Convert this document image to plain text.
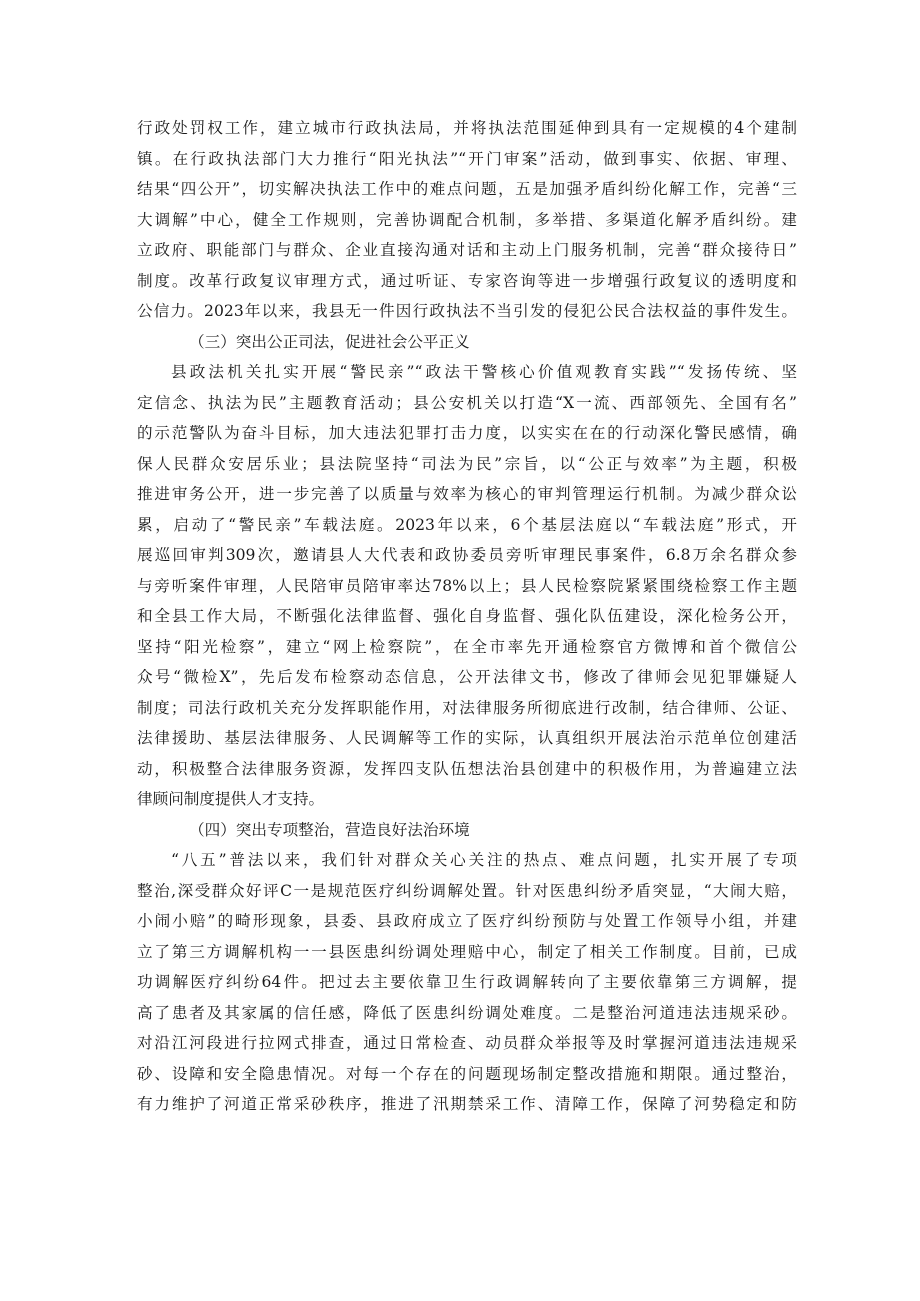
行政处罚权工作，建立城市行政执法局，并将执法范围延伸到具有一定规模的4个建制
镇。在行政执法部门大力推行“阳光执法”“开门审案”活动，做到事实、依据、审理、
结果“四公开”，切实解决执法工作中的难点问题，五是加强矛盾纠纷化解工作，完善“三
大调解”中心，健全工作规则，完善协调配合机制，多举措、多渠道化解矛盾纠纷。建
立政府、职能部门与群众、企业直接沟通对话和主动上门服务机制，完善“群众接待日”
制度。改革行政复议审理方式，通过听证、专家咨询等进一步增强行政复议的透明度和
公信力。2023年以来，我县无一件因行政执法不当引发的侵犯公民合法权益的事件发生。
（三）突出公正司法，促进社会公平正义
县政法机关扎实开展“警民亲”“政法干警核心价值观教育实践”“发扬传统、坚
定信念、执法为民”主题教育活动；县公安机关以打造“X一流、西部领先、全国有名”
的示范警队为奋斗目标，加大违法犯罪打击力度，以实实在在的行动深化警民感情，确
保人民群众安居乐业；县法院坚持“司法为民”宗旨，以“公正与效率”为主题，积极
推进审务公开，进一步完善了以质量与效率为核心的审判管理运行机制。为减少群众讼
累，启动了“警民亲”车载法庭。2023年以来，6个基层法庭以“车载法庭”形式，开
展巡回审判309次，邀请县人大代表和政协委员旁听审理民事案件，6.8万余名群众参
与旁听案件审理，人民陪审员陪审率达78%以上；县人民检察院紧紧围绕检察工作主题
和全县工作大局，不断强化法律监督、强化自身监督、强化队伍建设，深化检务公开，
坚持“阳光检察”，建立“网上检察院”，在全市率先开通检察官方微博和首个微信公
众号“微检X”，先后发布检察动态信息，公开法律文书，修改了律师会见犯罪嫌疑人
制度；司法行政机关充分发挥职能作用，对法律服务所彻底进行改制，结合律师、公证、
法律援助、基层法律服务、人民调解等工作的实际，认真组织开展法治示范单位创建活
动，积极整合法律服务资源，发挥四支队伍想法治县创建中的积极作用，为普遍建立法
律顾问制度提供人才支持。
（四）突出专项整治，营造良好法治环境
“八五”普法以来，我们针对群众关心关注的热点、难点问题，扎实开展了专项
整治,深受群众好评C一是规范医疗纠纷调解处置。针对医患纠纷矛盾突显，“大闹大赔，
小闹小赔”的畸形现象，县委、县政府成立了医疗纠纷预防与处置工作领导小组，并建
立了第三方调解机构一一县医患纠纷调处理赔中心，制定了相关工作制度。目前，已成
功调解医疗纠纷64件。把过去主要依靠卫生行政调解转向了主要依靠第三方调解，提
高了患者及其家属的信任感，降低了医患纠纷调处难度。二是整治河道违法违规采砂。
对沿江河段进行拉网式排查，通过日常检查、动员群众举报等及时掌握河道违法违规采
砂、设障和安全隐患情况。对每一个存在的问题现场制定整改措施和期限。通过整治，
有力维护了河道正常采砂秩序，推进了汛期禁采工作、清障工作，保障了河势稳定和防
